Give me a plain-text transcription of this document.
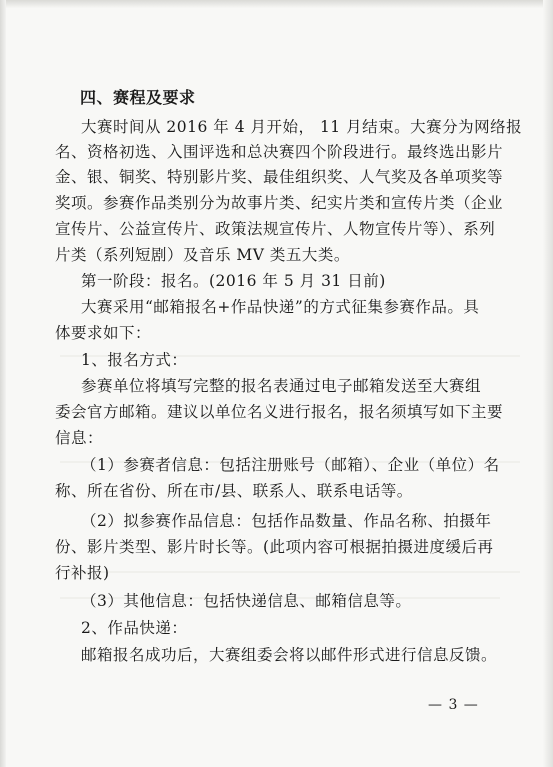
四、赛程及要求
大赛时间从 2016 年 4 月开始， 11 月结束。大赛分为网络报
名、资格初选、入围评选和总决赛四个阶段进行。最终选出影片
金、银、铜奖、特别影片奖、最佳组织奖、人气奖及各单项奖等
奖项。参赛作品类别分为故事片类、纪实片类和宣传片类（企业
宣传片、公益宣传片、政策法规宣传片、人物宣传片等）、系列
片类（系列短剧）及音乐 MV 类五大类。
第一阶段：报名。(2016 年 5 月 31 日前)
大赛采用“邮箱报名+作品快递”的方式征集参赛作品。具
体要求如下：
1、报名方式：
参赛单位将填写完整的报名表通过电子邮箱发送至大赛组
委会官方邮箱。建议以单位名义进行报名，报名须填写如下主要
信息：
（1）参赛者信息：包括注册账号（邮箱）、企业（单位）名
称、所在省份、所在市/县、联系人、联系电话等。
（2）拟参赛作品信息：包括作品数量、作品名称、拍摄年
份、影片类型、影片时长等。(此项内容可根据拍摄进度缓后再
行补报)
（3）其他信息：包括快递信息、邮箱信息等。
2、作品快递：
邮箱报名成功后，大赛组委会将以邮件形式进行信息反馈。
— 3 —
